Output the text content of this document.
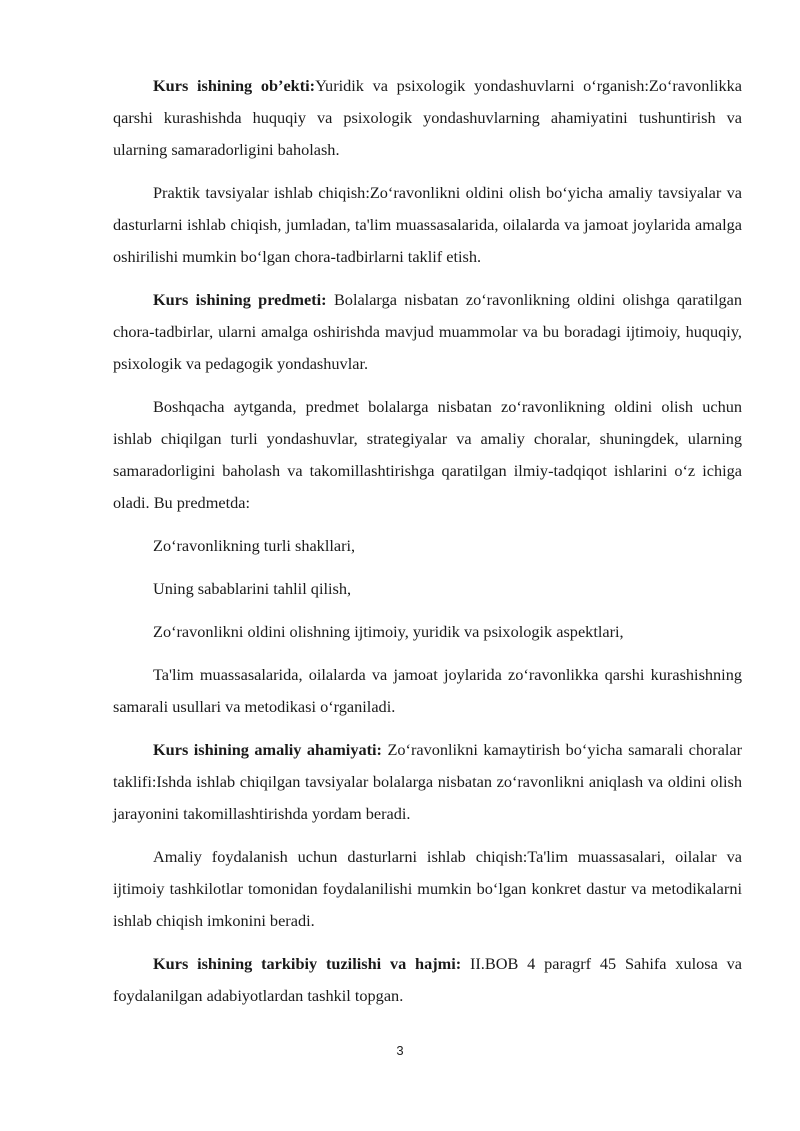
Kurs ishining ob’ekti:Yuridik va psixologik yondashuvlarni o‘rganish:Zo‘ravonlikka qarshi kurashishda huquqiy va psixologik yondashuvlarning ahamiyatini tushuntirish va ularning samaradorligini baholash.

Praktik tavsiyalar ishlab chiqish:Zo‘ravonlikni oldini olish bo‘yicha amaliy tavsiyalar va dasturlarni ishlab chiqish, jumladan, ta'lim muassasalarida, oilalarda va jamoat joylarida amalga oshirilishi mumkin bo‘lgan chora-tadbirlarni taklif etish.

Kurs ishining predmeti: Bolalarga nisbatan zo‘ravonlikning oldini olishga qaratilgan chora-tadbirlar, ularni amalga oshirishda mavjud muammolar va bu boradagi ijtimoiy, huquqiy, psixologik va pedagogik yondashuvlar.

Boshqacha aytganda, predmet bolalarga nisbatan zo‘ravonlikning oldini olish uchun ishlab chiqilgan turli yondashuvlar, strategiyalar va amaliy choralar, shuningdek, ularning samaradorligini baholash va takomillashtirishga qaratilgan ilmiy-tadqiqot ishlarini o‘z ichiga oladi. Bu predmetda:

Zo‘ravonlikning turli shakllari,

Uning sabablarini tahlil qilish,

Zo‘ravonlikni oldini olishning ijtimoiy, yuridik va psixologik aspektlari,

Ta'lim muassasalarida, oilalarda va jamoat joylarida zo‘ravonlikka qarshi kurashishning samarali usullari va metodikasi o‘rganiladi.

Kurs ishining amaliy ahamiyati: Zo‘ravonlikni kamaytirish bo‘yicha samarali choralar taklifi:Ishda ishlab chiqilgan tavsiyalar bolalarga nisbatan zo‘ravonlikni aniqlash va oldini olish jarayonini takomillashtirishda yordam beradi.

Amaliy foydalanish uchun dasturlarni ishlab chiqish:Ta'lim muassasalari, oilalar va ijtimoiy tashkilotlar tomonidan foydalanilishi mumkin bo‘lgan konkret dastur va metodikalarni ishlab chiqish imkonini beradi.

Kurs ishining tarkibiy tuzilishi va hajmi: II.BOB 4 paragrf 45 Sahifa xulosa va foydalanilgan adabiyotlardan tashkil topgan.

3
